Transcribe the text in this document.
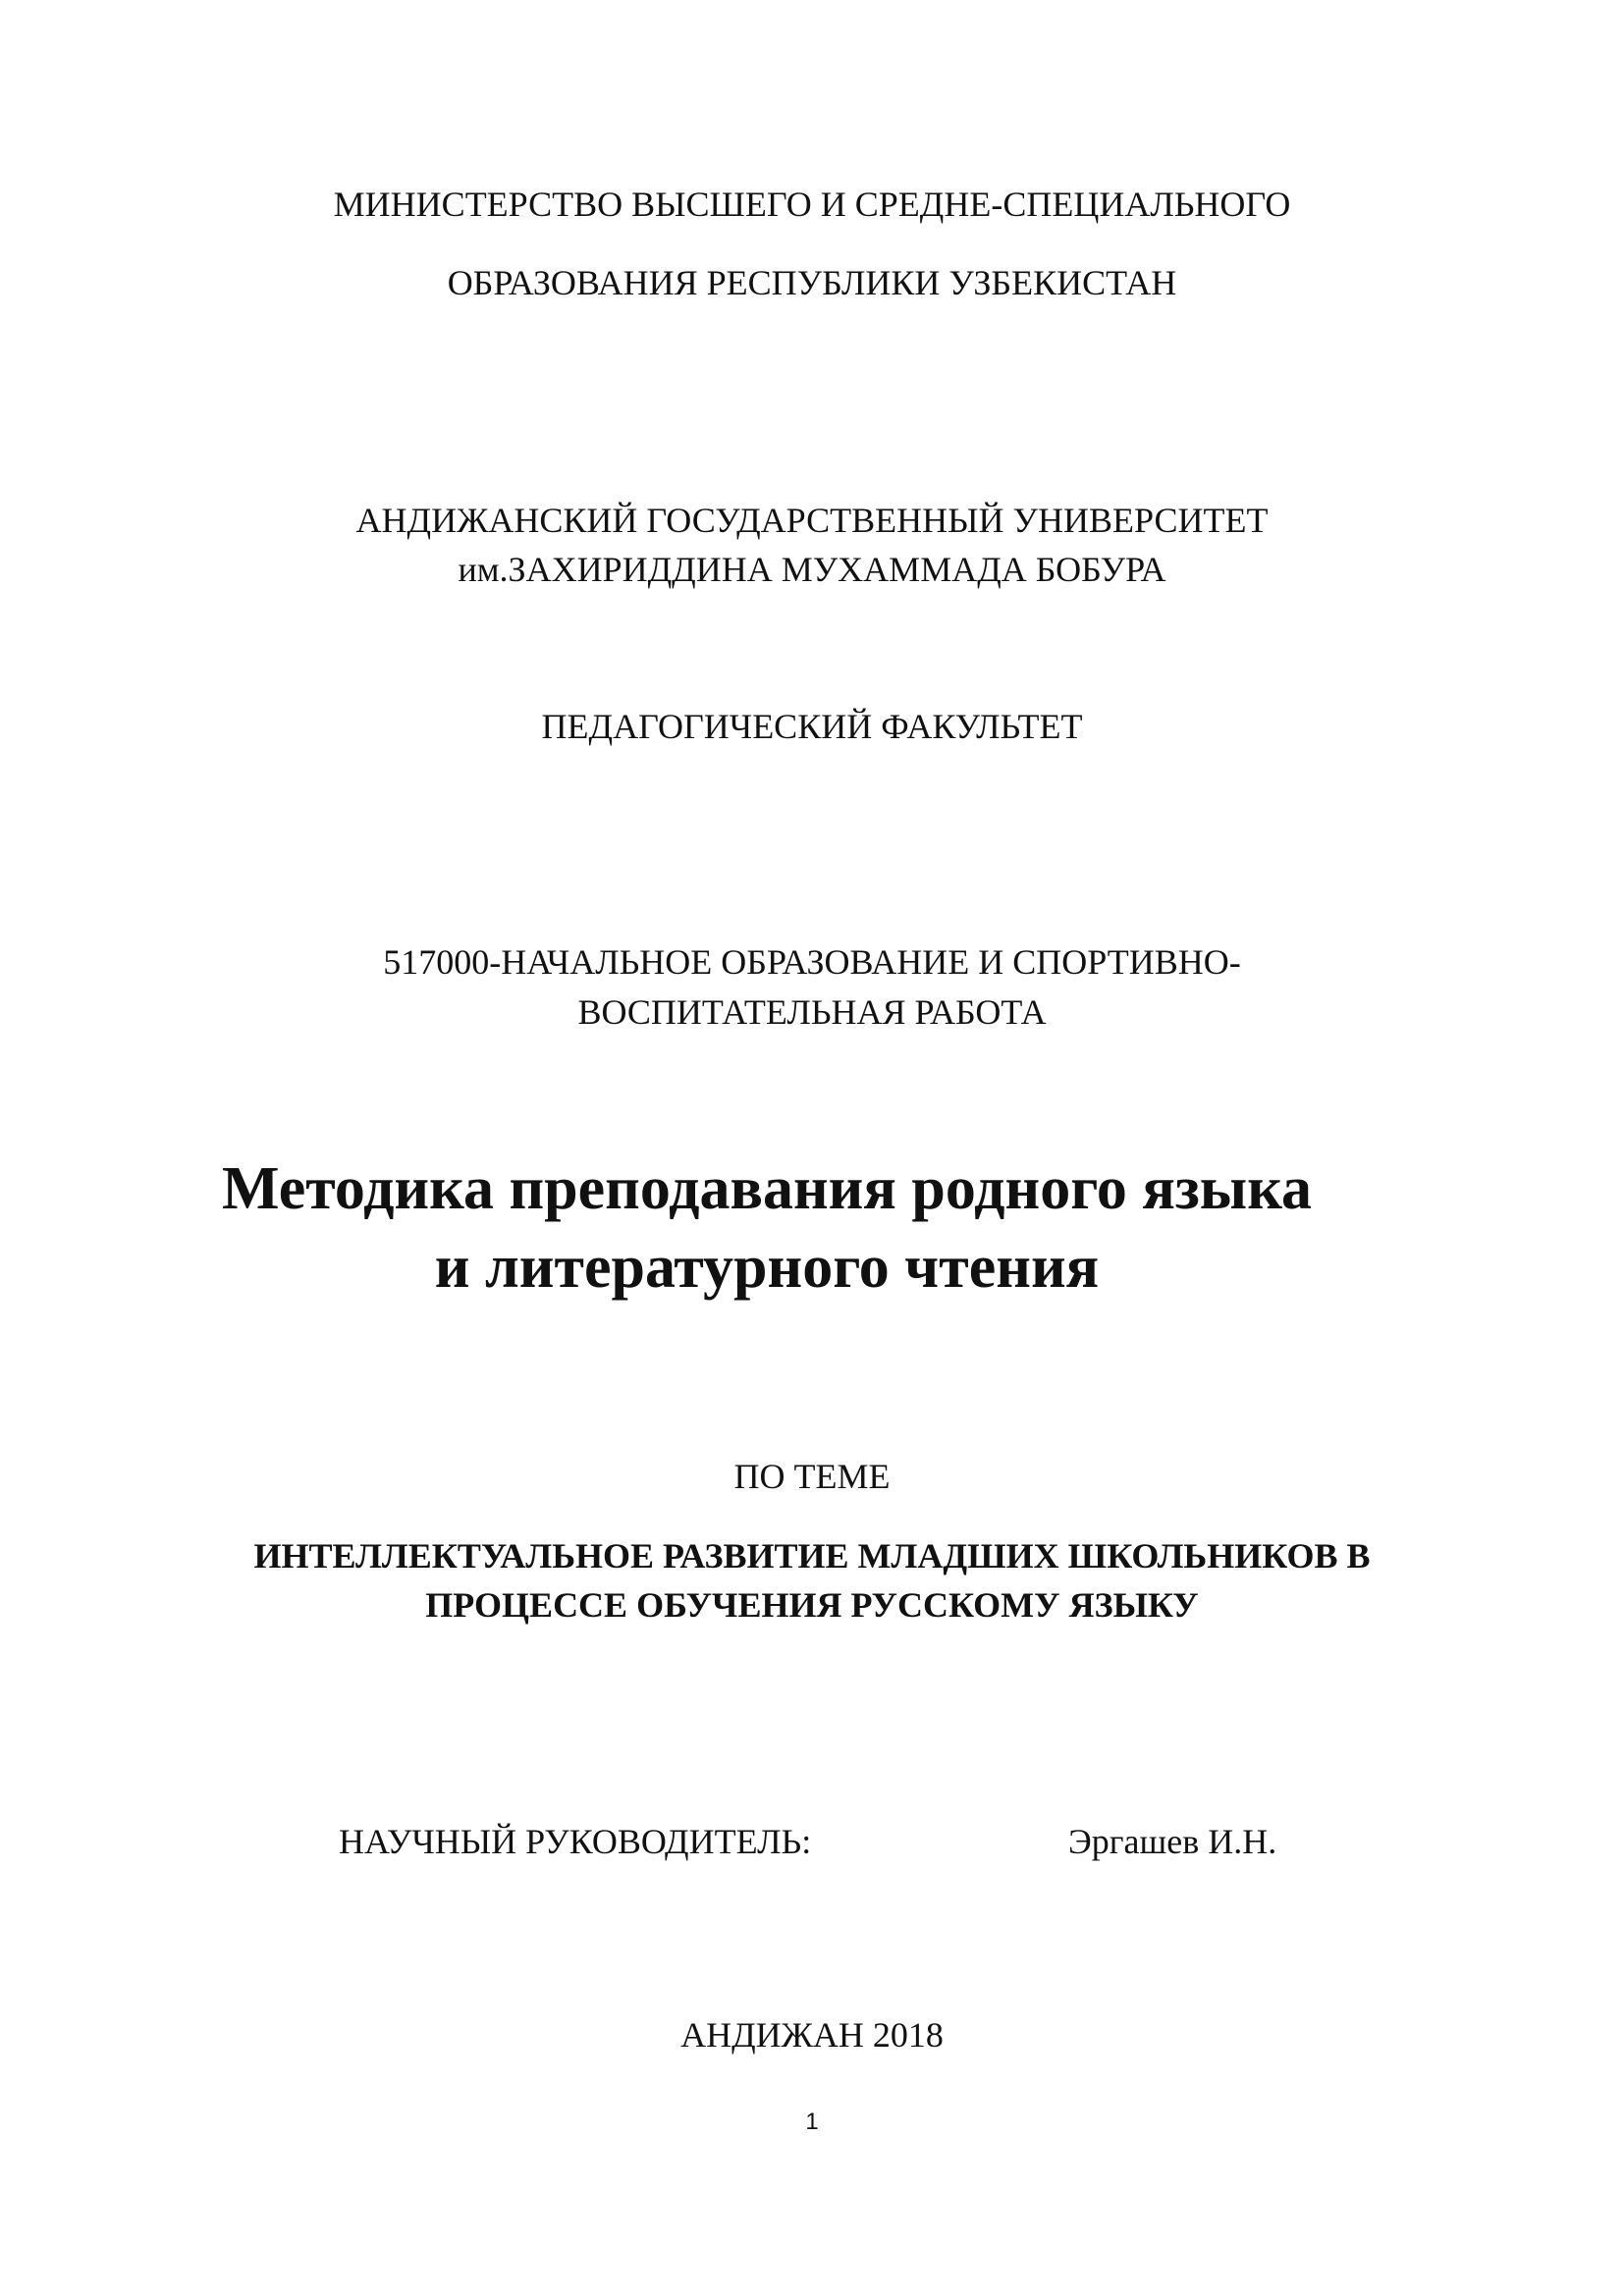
МИНИСТЕРСТВО ВЫСШЕГО И СРЕДНЕ-СПЕЦИАЛЬНОГО
ОБРАЗОВАНИЯ РЕСПУБЛИКИ УЗБЕКИСТАН
АНДИЖАНСКИЙ ГОСУДАРСТВЕННЫЙ УНИВЕРСИТЕТ
им.ЗАХИРИДДИНА МУХАММАДА БОБУРА
ПЕДАГОГИЧЕСКИЙ ФАКУЛЬТЕТ
517000-НАЧАЛЬНОЕ ОБРАЗОВАНИЕ И СПОРТИВНО-
ВОСПИТАТЕЛЬНАЯ РАБОТА
Методика преподавания родного языка
и литературного чтения
ПО ТЕМЕ
ИНТЕЛЛЕКТУАЛЬНОЕ РАЗВИТИЕ МЛАДШИХ ШКОЛЬНИКОВ В
ПРОЦЕССЕ ОБУЧЕНИЯ РУССКОМУ ЯЗЫКУ
НАУЧНЫЙ РУКОВОДИТЕЛЬ:	Эргашев И.Н.
АНДИЖАН 2018
1
